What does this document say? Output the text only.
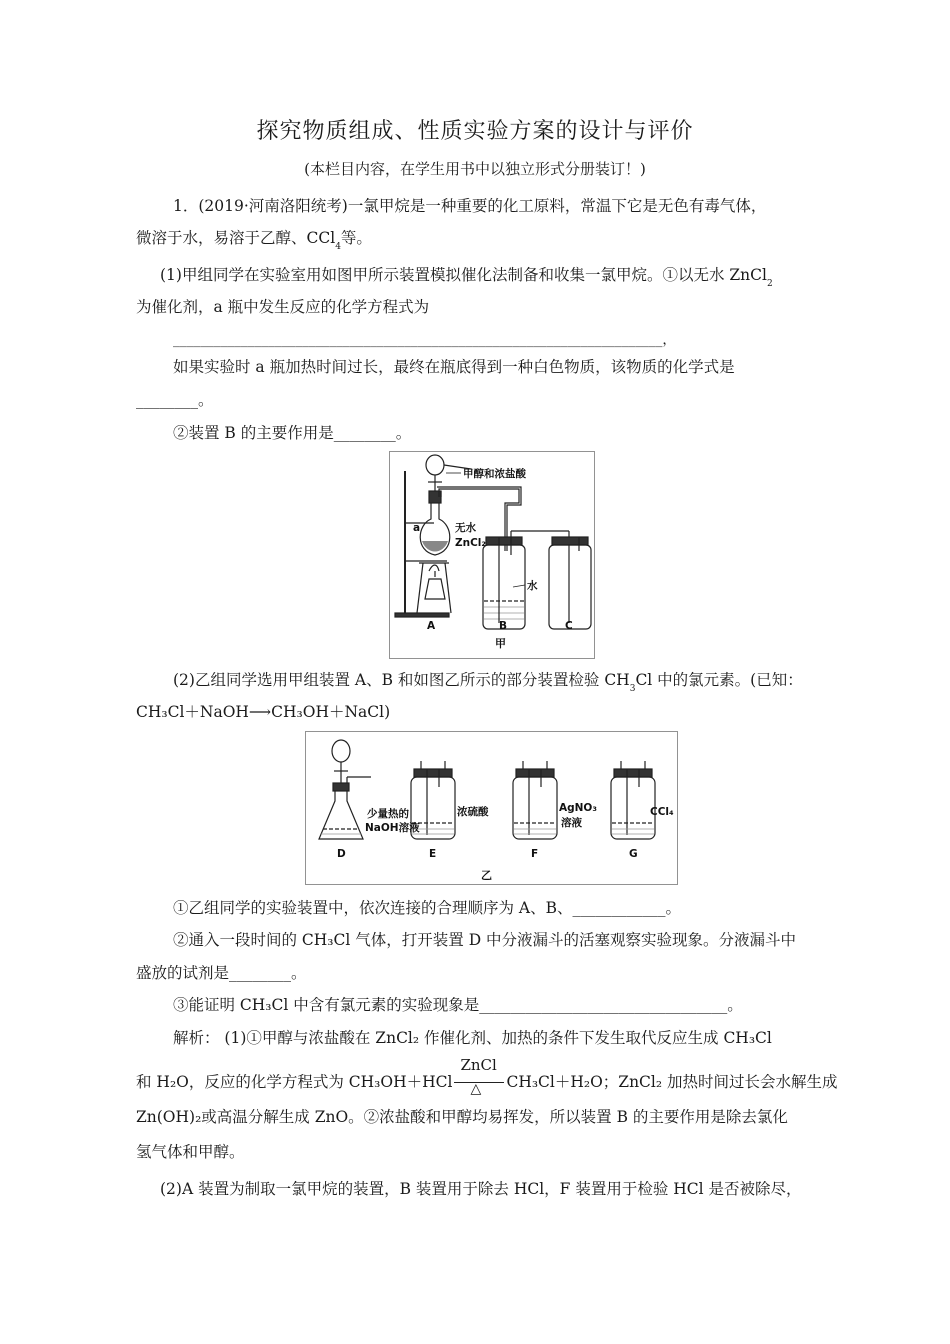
探究物质组成、性质实验方案的设计与评价
(本栏目内容，在学生用书中以独立形式分册装订！)
1．(2019·河南洛阳统考)一氯甲烷是一种重要的化工原料，常温下它是无色有毒气体，
微溶于水，易溶于乙醇、CCl$_4$等。
(1)甲组同学在实验室用如图甲所示装置模拟催化法制备和收集一氯甲烷。①以无水 ZnCl$_2$
为催化剂，a 瓶中发生反应的化学方程式为
________________________________________________________________________，
如果实验时 a 瓶加热时间过长，最终在瓶底得到一种白色物质，该物质的化学式是
________。
②装置 B 的主要作用是________。
甲醇和浓盐酸
a	无水
ZnCl₂
水
A	B	C
甲
(2)乙组同学选用甲组装置 A、B 和如图乙所示的部分装置检验 $CH_3Cl$ 中的氯元素。(已知：
CH₃Cl＋NaOH⟶CH₃OH＋NaCl)
少量热的
NaOH溶液
浓硫酸	AgNO₃
溶液
CCl₄
D	E	F	G
乙
①乙组同学的实验装置中，依次连接的合理顺序为 A、B、____________。
②通入一段时间的 CH₃Cl 气体，打开装置 D 中分液漏斗的活塞观察实验现象。分液漏斗中
盛放的试剂是________。
③能证明 CH₃Cl 中含有氯元素的实验现象是________________________________。
解析： (1)①甲醇与浓盐酸在 ZnCl₂ 作催化剂、加热的条件下发生取代反应生成 CH₃Cl
和 H₂O，反应的化学方程式为 CH₃OH＋HCl
ZnCl
△ CH₃Cl＋H₂O；ZnCl₂ 加热时间过长会水解生成
Zn(OH)₂或高温分解生成 ZnO。②浓盐酸和甲醇均易挥发，所以装置 B 的主要作用是除去氯化
氢气体和甲醇。
(2)A 装置为制取一氯甲烷的装置，B 装置用于除去 HCl，F 装置用于检验 HCl 是否被除尽，
